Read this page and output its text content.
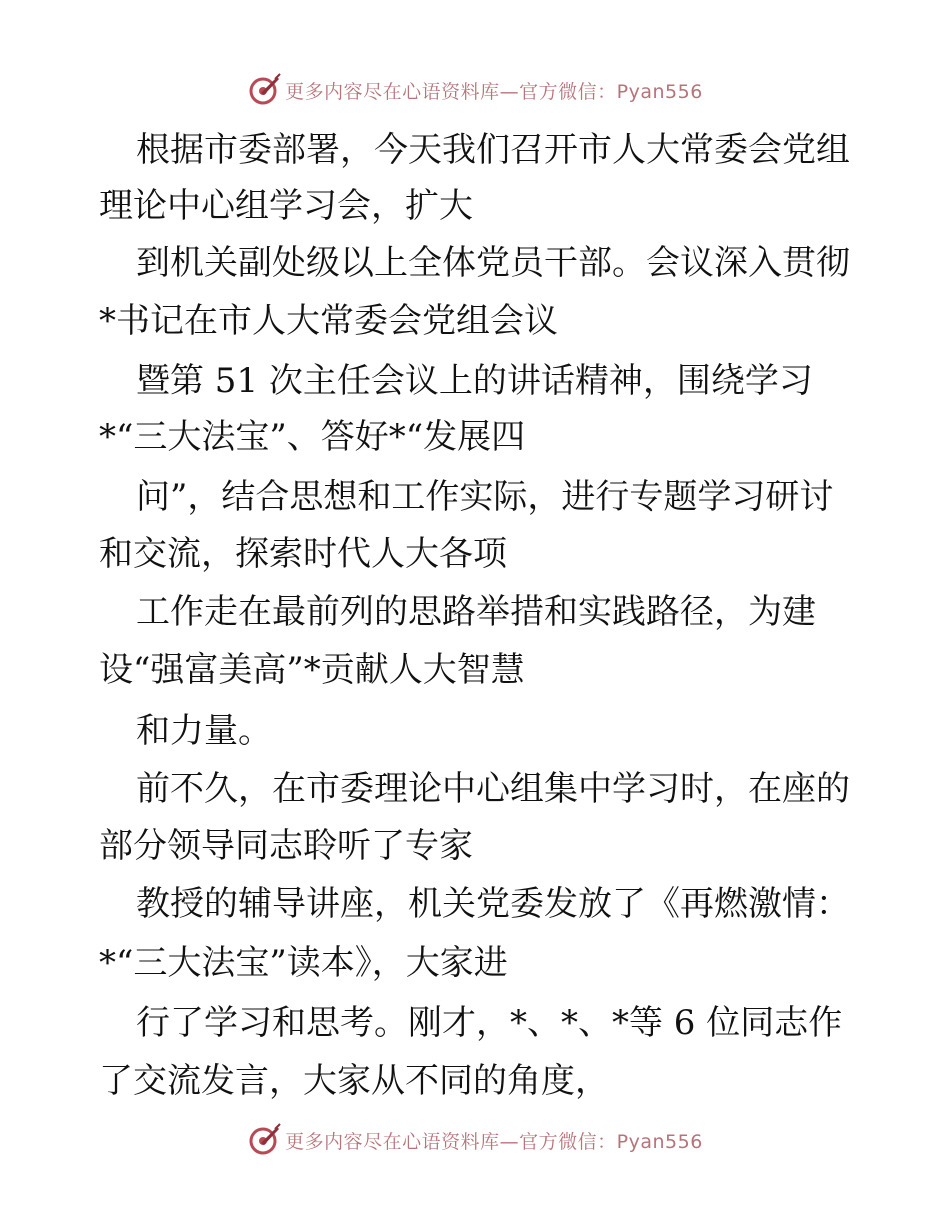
更多内容尽在心语资料库—官方微信：Pyan556
根据市委部署，今天我们召开市人大常委会党组
理论中心组学习会，扩大
到机关副处级以上全体党员干部。会议深入贯彻
*书记在市人大常委会党组会议
暨第 51 次主任会议上的讲话精神，围绕学习
*“三大法宝”、答好*“发展四
问”，结合思想和工作实际，进行专题学习研讨
和交流，探索时代人大各项
工作走在最前列的思路举措和实践路径，为建
设“强富美高”*贡献人大智慧
和力量。
前不久，在市委理论中心组集中学习时，在座的
部分领导同志聆听了专家
教授的辅导讲座，机关党委发放了《再燃激情：
*“三大法宝”读本》，大家进
行了学习和思考。刚才，*、*、*等 6 位同志作
了交流发言，大家从不同的角度，
更多内容尽在心语资料库—官方微信：Pyan556
